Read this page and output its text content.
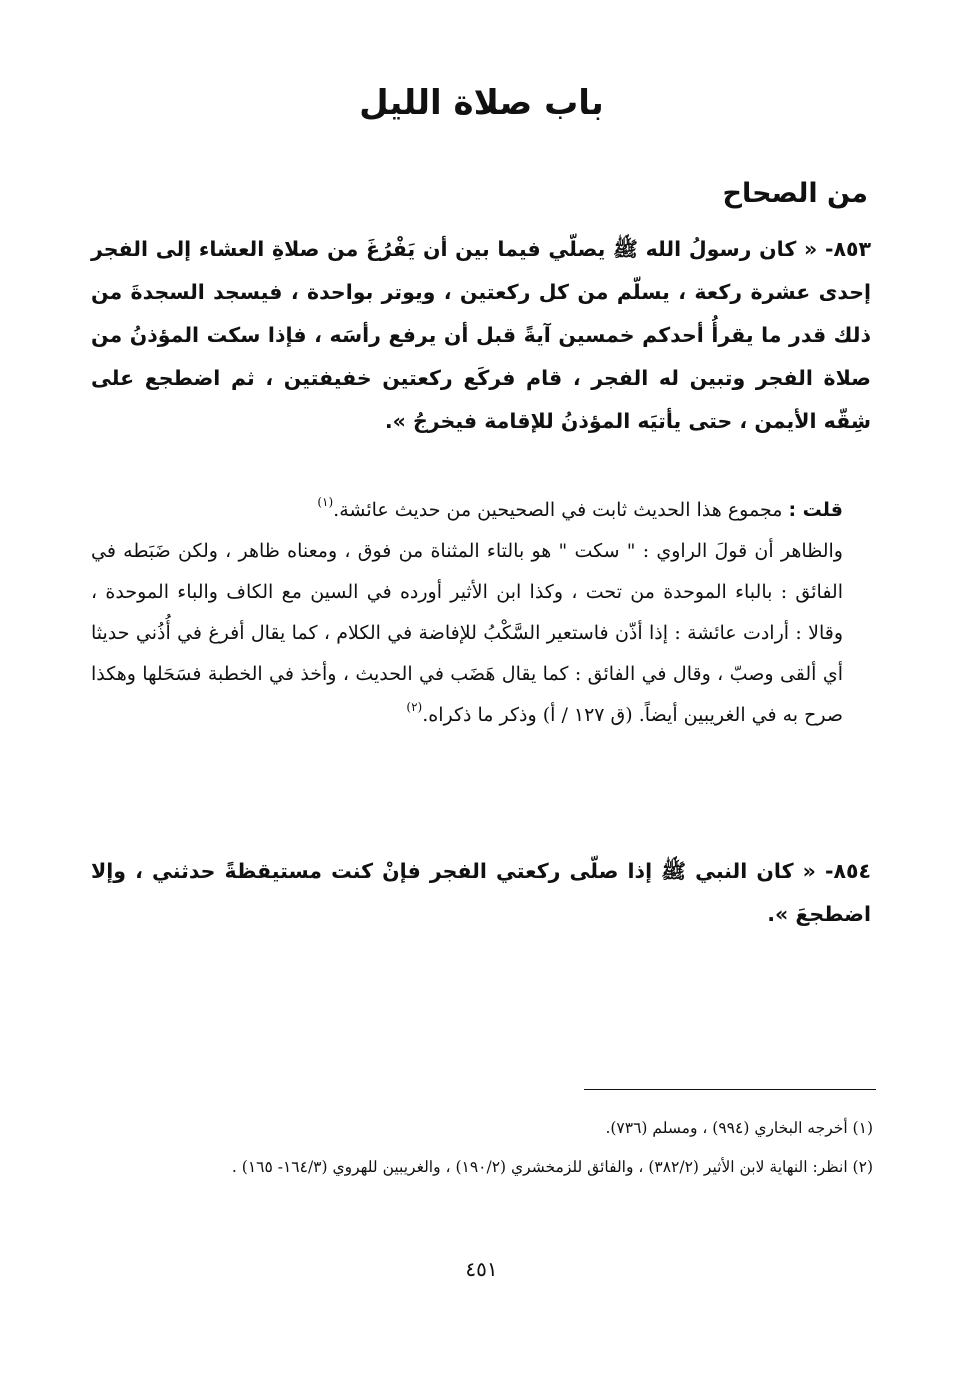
باب صلاة الليل
من الصحاح
٨٥٣- « كان رسولُ الله ﷺ يصلّي فيما بين أن يَفْرُغَ من صلاةِ العشاء إلى الفجر إحدى عشرة ركعة ، يسلّم من كل ركعتين ، ويوتر بواحدة ، فيسجد السجدةَ من ذلك قدر ما يقرأُ أحدكم خمسين آيةً قبل أن يرفع رأسَه ، فإذا سكت المؤذنُ من صلاة الفجر وتبين له الفجر ، قام فركَع ركعتين خفيفتين ، ثم اضطجع على شِقّه الأيمن ، حتى يأتيَه المؤذنُ للإقامة فيخرجُ ».
قلت : مجموع هذا الحديث ثابت في الصحيحين من حديث عائشة.$^{(١)}$
والظاهر أن قولَ الراوي : " سكت " هو بالتاء المثناة من فوق ، ومعناه ظاهر ، ولكن ضَبَطه في الفائق : بالباء الموحدة من تحت ، وكذا ابن الأثير أورده في السين مع الكاف والباء الموحدة ، وقالا : أرادت عائشة : إذا أذّن فاستعير السَّكْبُ للإفاضة في الكلام ، كما يقال أفرغ في أُذُني حديثا أي ألقى وصبّ ، وقال في الفائق : كما يقال هَضَب في الحديث ، وأخذ في الخطبة فسَحَلها وهكذا صرح به في الغريبين أيضاً. (ق ١٢٧ / أ) وذكر ما ذكراه.$^{(٢)}$
٨٥٤- « كان النبي ﷺ إذا صلّى ركعتي الفجر فإنْ كنت مستيقظةً حدثني ، وإلا اضطجعَ ».
(١) أخرجه البخاري (٩٩٤) ، ومسلم (٧٣٦).
(٢) انظر: النهاية لابن الأثير (٣٨٢/٢) ، والفائق للزمخشري (١٩٠/٢) ، والغريبين للهروي (١٦٤/٣- ١٦٥) .
٤٥١
